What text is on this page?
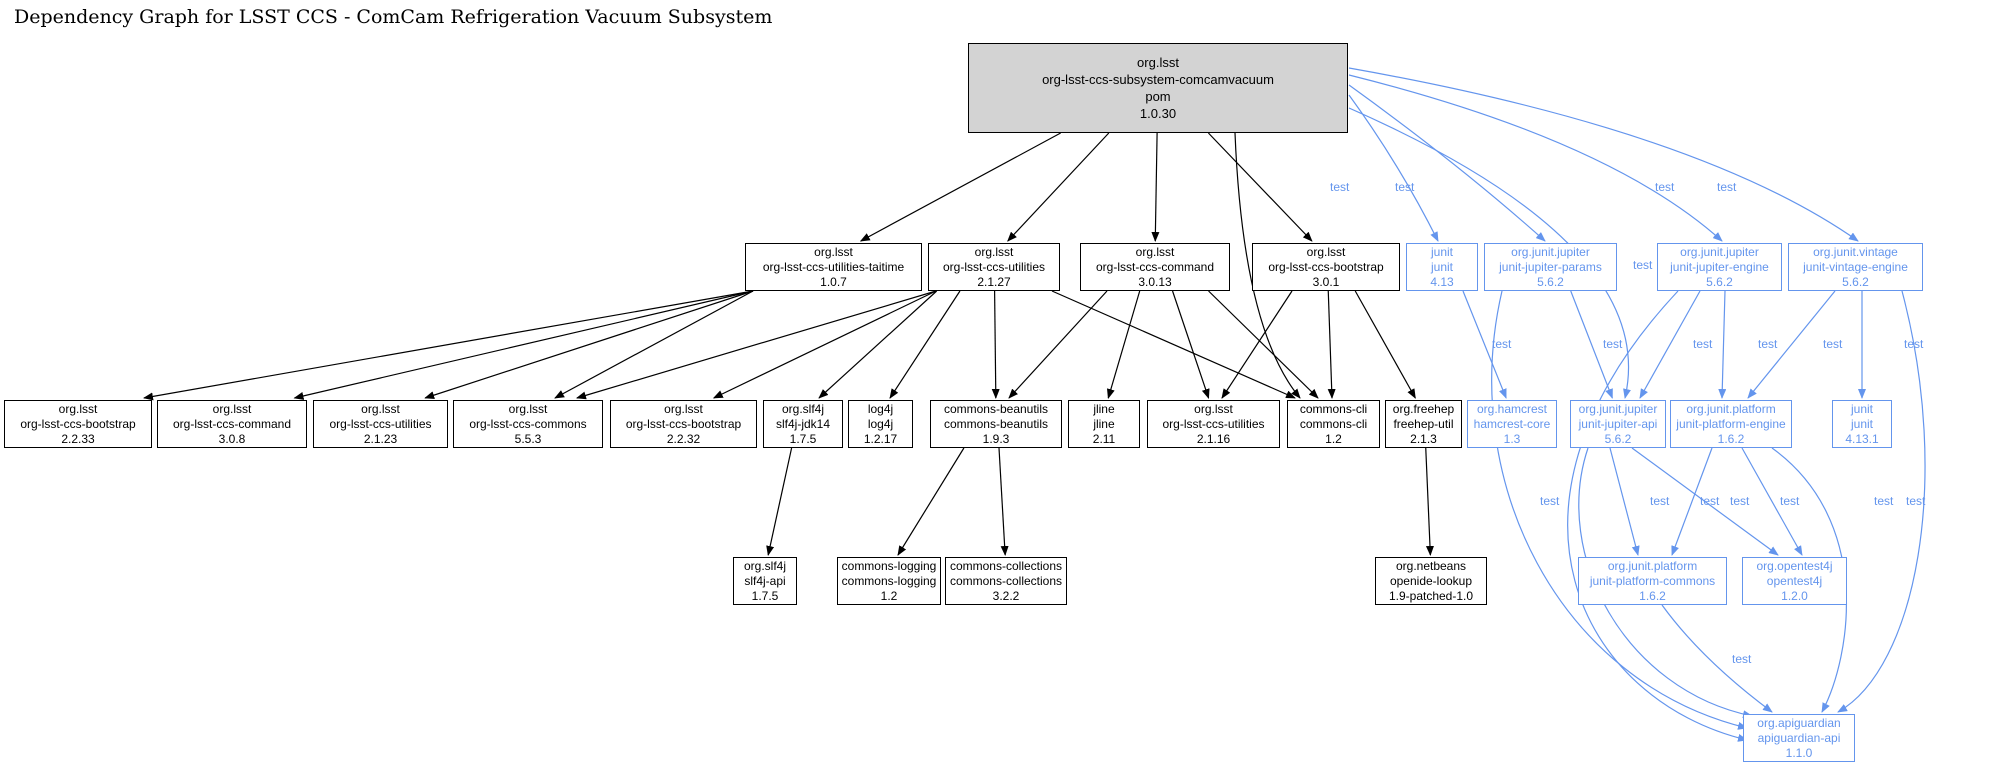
Dependency Graph for LSST CCS - ComCam Refrigeration Vacuum Subsystem
test	test	test	test
test
test	test	test	test	test	test
test	test	test
test	test	test test
test
org.lsst
org-lsst-ccs-subsystem-comcamvacuum
pom
1.0.30
org.lsst
org-lsst-ccs-utilities-taitime
1.0.7
org.lsst
org-lsst-ccs-utilities
2.1.27
org.lsst
org-lsst-ccs-command
3.0.13
org.lsst
org-lsst-ccs-bootstrap
3.0.1
junit
junit
4.13
org.junit.jupiter
junit-jupiter-params
5.6.2
org.junit.jupiter
junit-jupiter-engine
5.6.2
org.junit.vintage
junit-vintage-engine
5.6.2
org.lsst
org-lsst-ccs-bootstrap
2.2.33
org.lsst
org-lsst-ccs-command
3.0.8
org.lsst
org-lsst-ccs-utilities
2.1.23
org.lsst
org-lsst-ccs-commons
5.5.3
org.lsst
org-lsst-ccs-bootstrap
2.2.32
org.slf4j
slf4j-jdk14
1.7.5
log4j
log4j
1.2.17
commons-beanutils
commons-beanutils
1.9.3
jline
jline
2.11
org.lsst
org-lsst-ccs-utilities
2.1.16
commons-cli
commons-cli
1.2
org.freehep
freehep-util
2.1.3
org.hamcrest
hamcrest-core
1.3
org.junit.jupiter
junit-jupiter-api
5.6.2
org.junit.platform
junit-platform-engine
1.6.2
junit
junit
4.13.1
org.slf4j
slf4j-api
1.7.5
commons-logging
commons-logging
1.2
commons-collections
commons-collections
3.2.2
org.netbeans
openide-lookup
1.9-patched-1.0
org.junit.platform
junit-platform-commons
1.6.2
org.opentest4j
opentest4j
1.2.0
org.apiguardian
apiguardian-api
1.1.0
